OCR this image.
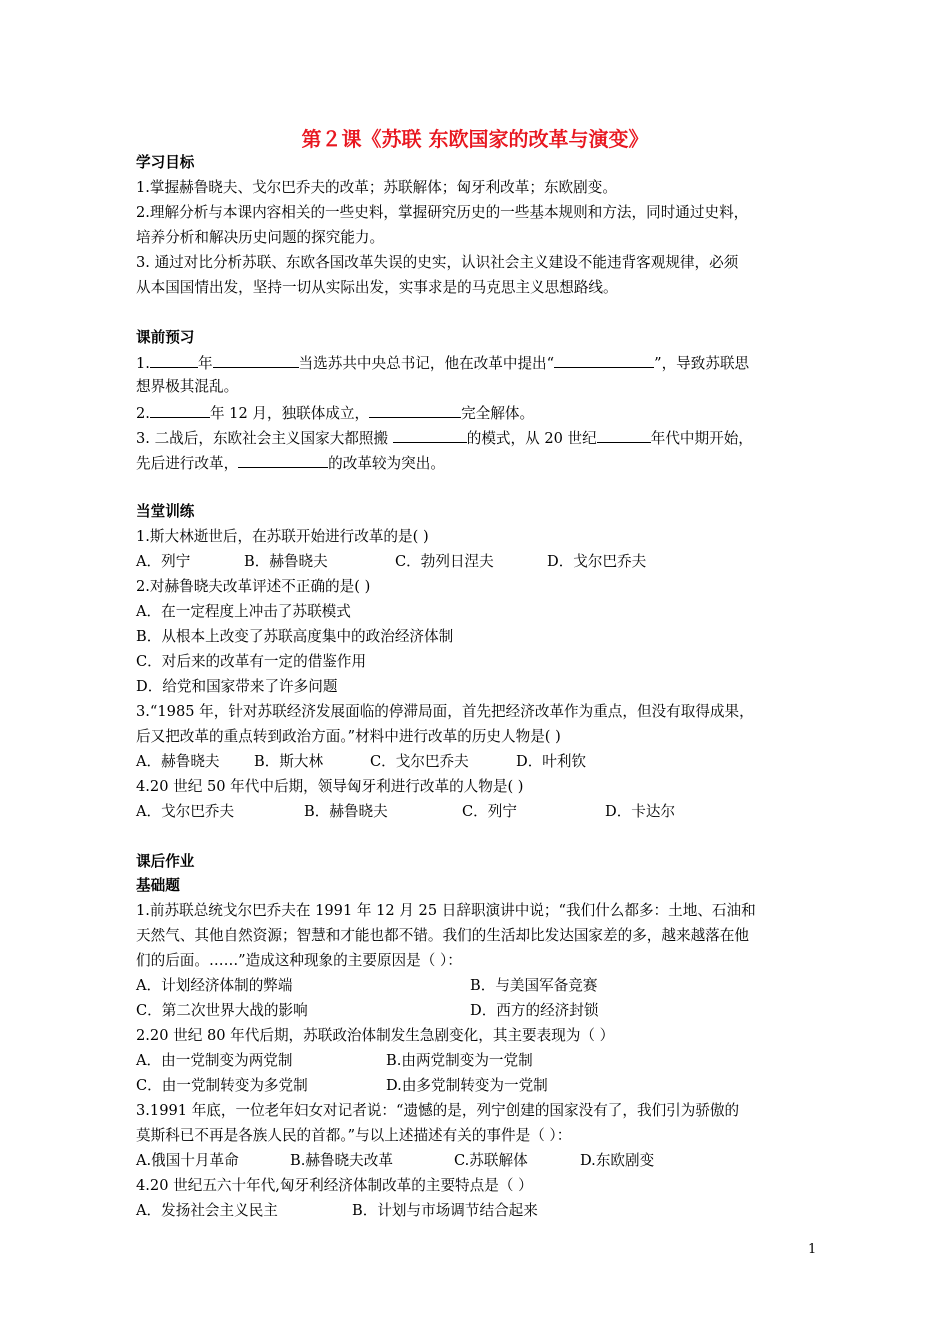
第２课《苏联 东欧国家的改革与演变》
学习目标
1.掌握赫鲁晓夫、戈尔巴乔夫的改革；苏联解体；匈牙利改革；东欧剧变。
2.理解分析与本课内容相关的一些史料，掌握研究历史的一些基本规则和方法，同时通过史料，
培养分析和解决历史问题的探究能力。
3. 通过对比分析苏联、东欧各国改革失误的史实，认识社会主义建设不能违背客观规律，必须
从本国国情出发，坚持一切从实际出发，实事求是的马克思主义思想路线。
课前预习
1.	年	当选苏共中央总书记，他在改革中提出“	”，导致苏联思
想界极其混乱。
2.	年 12 月，独联体成立，	完全解体。
3. 二战后，东欧社会主义国家大都照搬	的模式，从 20 世纪	年代中期开始，
先后进行改革，	的改革较为突出。
当堂训练
1.斯大林逝世后，在苏联开始进行改革的是( )
A．列宁	B．赫鲁晓夫	C．勃列日涅夫	D．戈尔巴乔夫
2.对赫鲁晓夫改革评述不正确的是( )
A．在一定程度上冲击了苏联模式
B．从根本上改变了苏联高度集中的政治经济体制
C．对后来的改革有一定的借鉴作用
D．给党和国家带来了许多问题
3.“1985 年，针对苏联经济发展面临的停滞局面，首先把经济改革作为重点，但没有取得成果，
后又把改革的重点转到政治方面。”材料中进行改革的历史人物是( )
A．赫鲁晓夫 B．斯大林	C．戈尔巴乔夫	D．叶利钦
4.20 世纪 50 年代中后期，领导匈牙利进行改革的人物是( )
A．戈尔巴乔夫	B．赫鲁晓夫	C．列宁	D．卡达尔
课后作业
基础题
1.前苏联总统戈尔巴乔夫在 1991 年 12 月 25 日辞职演讲中说；“我们什么都多：土地、石油和
天然气、其他自然资源；智慧和才能也都不错。我们的生活却比发达国家差的多，越来越落在他
们的后面。……”造成这种现象的主要原因是（ ）：
A．计划经济体制的弊端	B．与美国军备竞赛
C．第二次世界大战的影响	D．西方的经济封锁
2.20 世纪 80 年代后期，苏联政治体制发生急剧变化，其主要表现为（ ）
A．由一党制变为两党制	B.由两党制变为一党制
C．由一党制转变为多党制	D.由多党制转变为一党制
3.1991 年底，一位老年妇女对记者说：“遗憾的是，列宁创建的国家没有了，我们引为骄傲的
莫斯科已不再是各族人民的首都。”与以上述描述有关的事件是（ ）：
A.俄国十月革命	B.赫鲁晓夫改革	C.苏联解体	D.东欧剧变
4.20 世纪五六十年代,匈牙利经济体制改革的主要特点是（ ）
A．发扬社会主义民主	B．计划与市场调节结合起来
1
